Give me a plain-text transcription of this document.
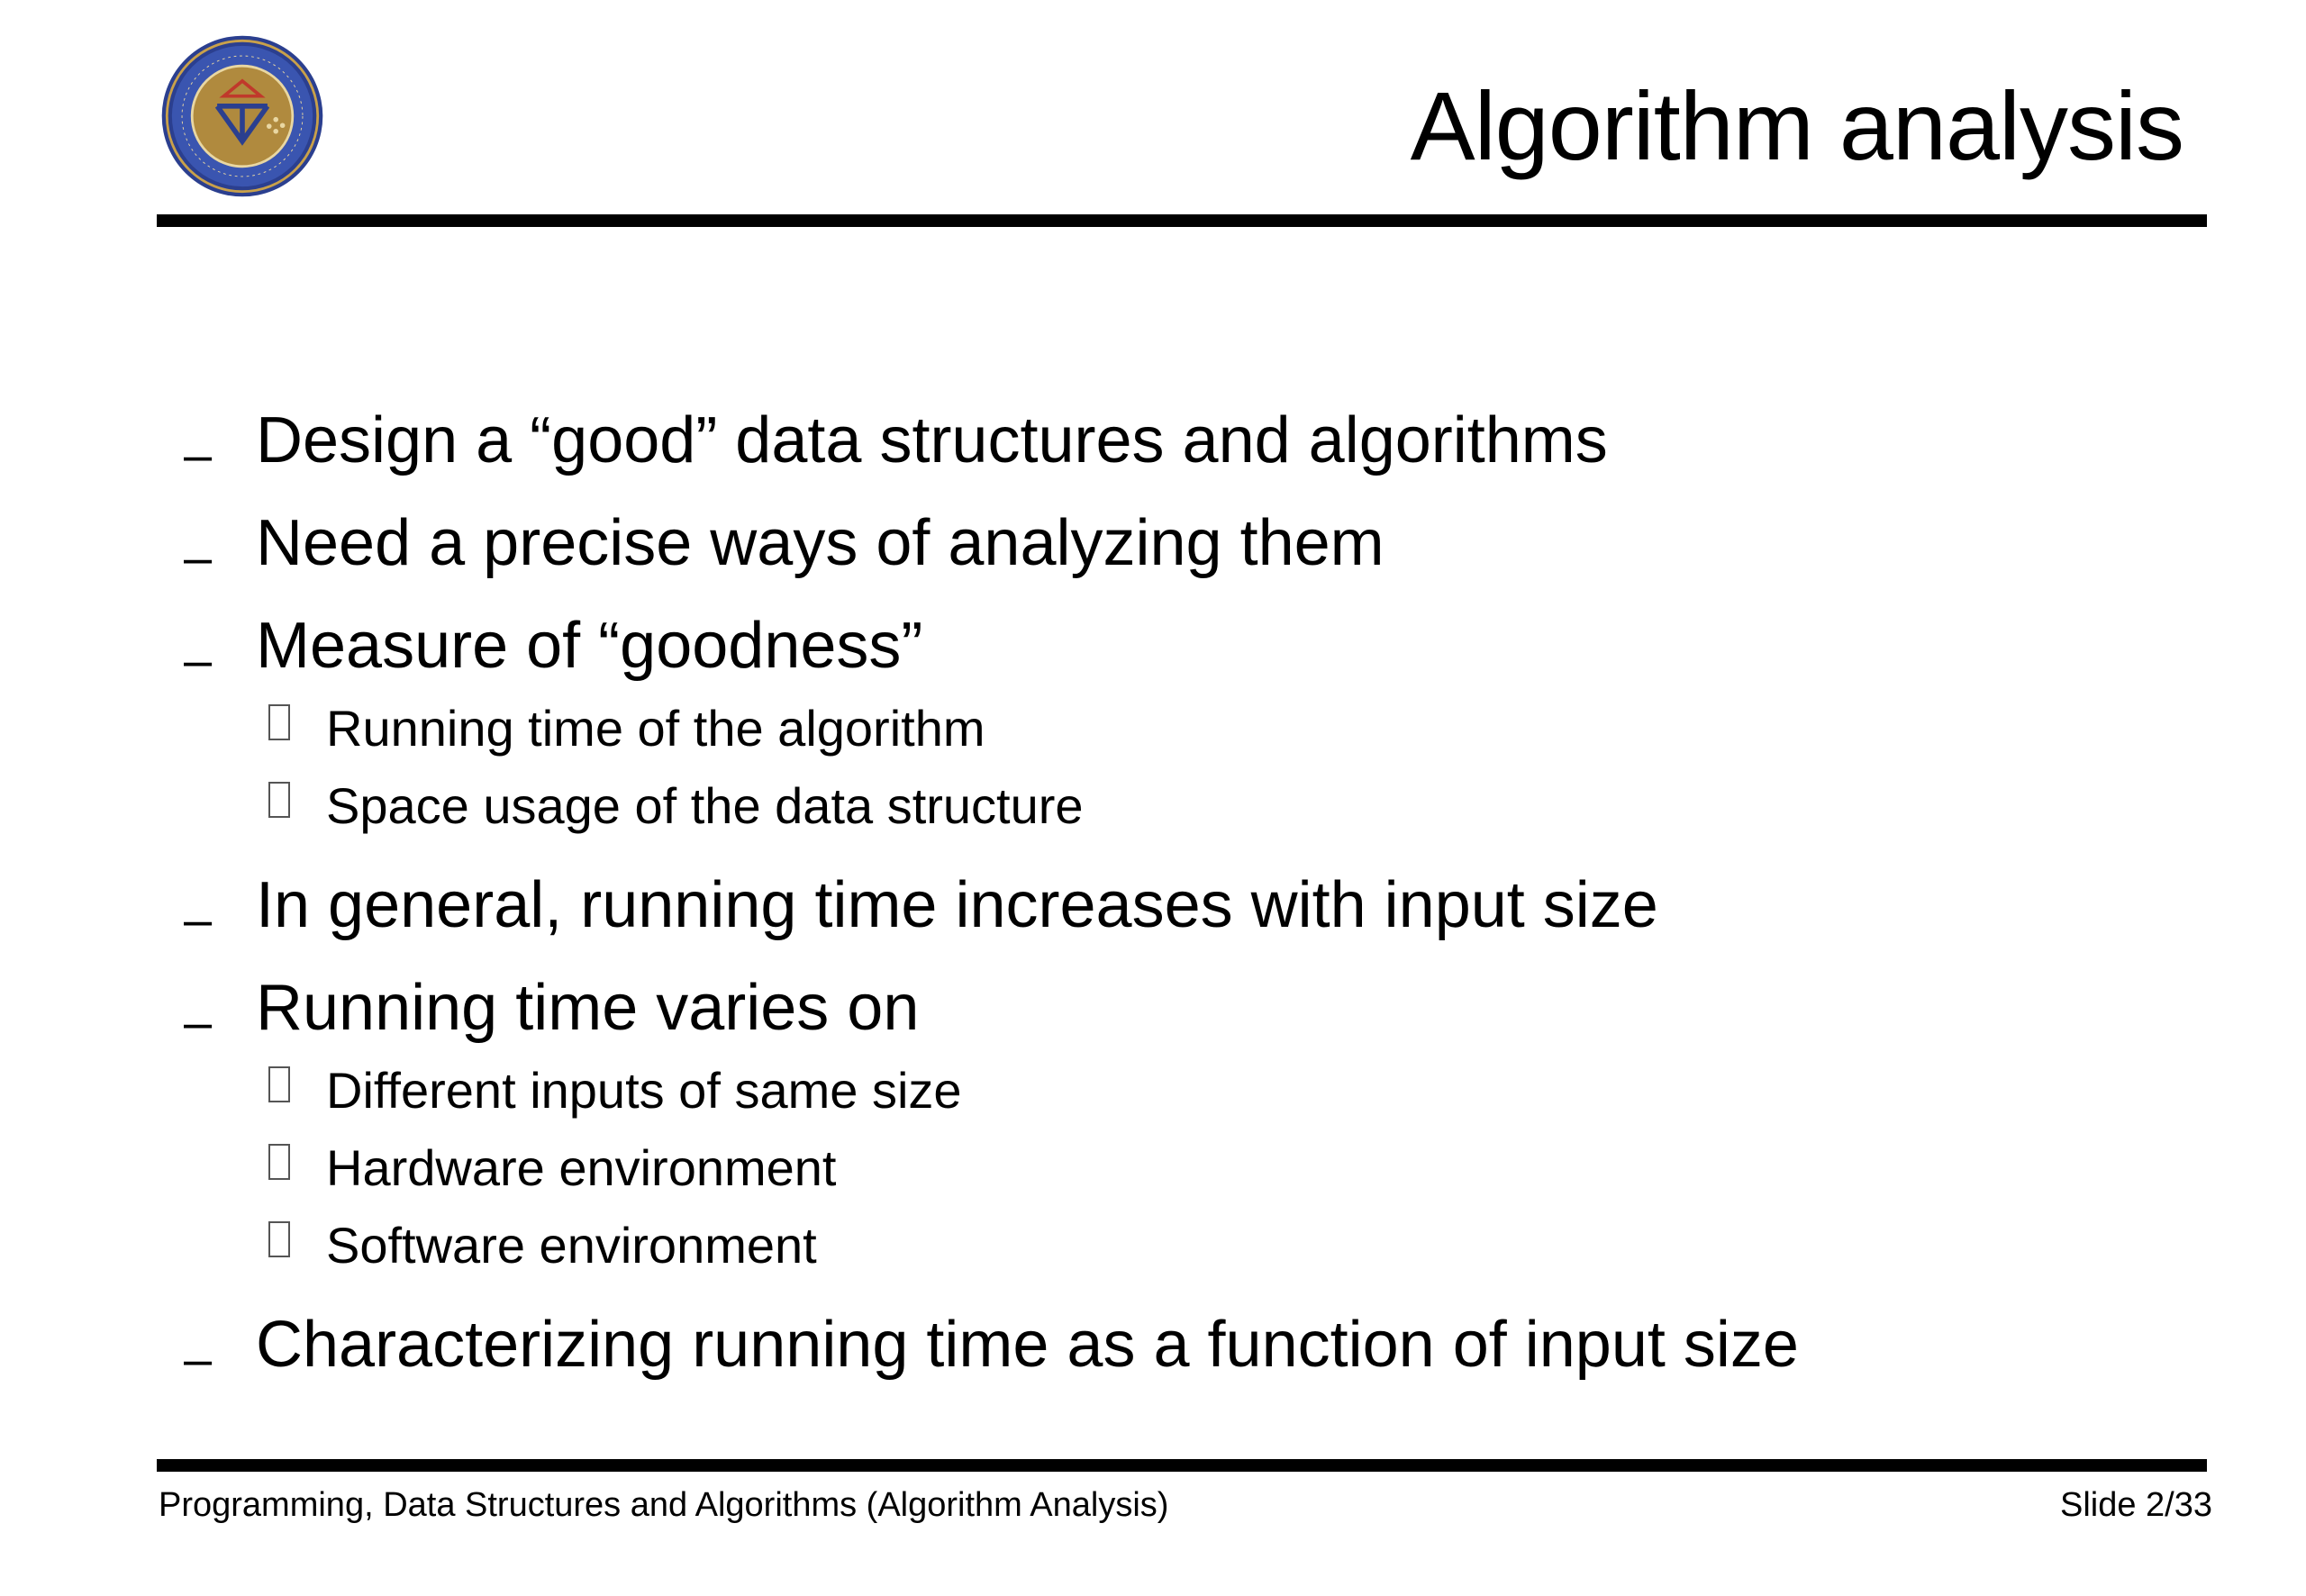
Algorithm analysis
– Design a “good” data structures and algorithms
– Need a precise ways of analyzing them
– Measure of “goodness”
Running time of the algorithm
Space usage of the data structure
– In general, running time increases with input size
– Running time varies on
Different inputs of same size
Hardware environment
Software environment
– Characterizing running time as a function of input size
Programming, Data Structures and Algorithms (Algorithm Analysis)	Slide 2/33
